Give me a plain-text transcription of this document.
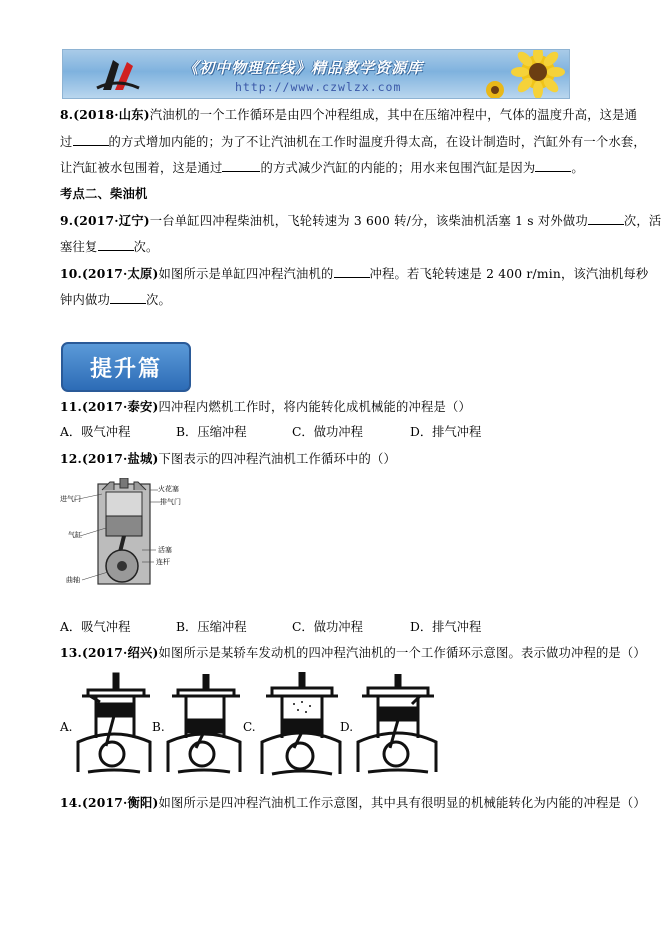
《初中物理在线》精品教学资源库
http://www.czwlzx.com
8.(2018·山东)汽油机的一个工作循环是由四个冲程组成，其中在压缩冲程中，气体的温度升高，这是通
过	的方式增加内能的；为了不让汽油机在工作时温度升得太高，在设计制造时，汽缸外有一个水套，
让汽缸被水包围着，这是通过	的方式减少汽缸的内能的；用水来包围汽缸是因为	。
考点二、柴油机
9.(2017·辽宁)一台单缸四冲程柴油机，飞轮转速为 3 600 转/分，该柴油机活塞 1 s 对外做功	次，活
塞往复	次。
10.(2017·太原)如图所示是单缸四冲程汽油机的	冲程。若飞轮转速是 2 400 r/min，该汽油机每秒
钟内做功	次。
提升篇
11.(2017·泰安)四冲程内燃机工作时，将内能转化成机械能的冲程是（）
A．吸气冲程	B．压缩冲程	C．做功冲程	D．排气冲程
12.(2017·盐城)下图表示的四冲程汽油机工作循环中的（）
进气门
火花塞
排气门
气缸
活塞
连杆
曲轴
A．吸气冲程	B．压缩冲程	C．做功冲程	D．排气冲程
13.(2017·绍兴)如图所示是某轿车发动机的四冲程汽油机的一个工作循环示意图。表示做功冲程的是（）
A.	B.	C.	D.
14.(2017·衡阳)如图所示是四冲程汽油机工作示意图，其中具有很明显的机械能转化为内能的冲程是（）
